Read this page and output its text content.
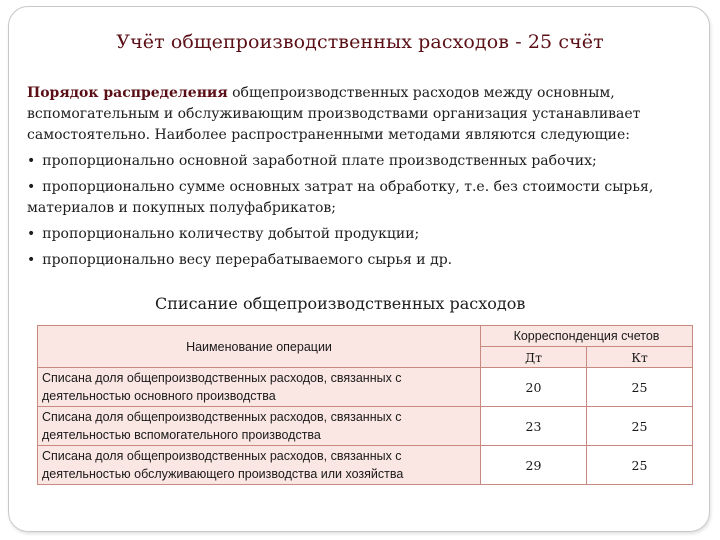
Учёт общепроизводственных расходов - 25 счёт

Порядок распределения общепроизводственных расходов между основным, вспомогательным и обслуживающим производствами организация устанавливает самостоятельно. Наиболее распространенными методами являются следующие:

• пропорционально основной заработной плате производственных рабочих;

• пропорционально сумме основных затрат на обработку, т.е. без стоимости сырья, материалов и покупных полуфабрикатов;

• пропорционально количеству добытой продукции;

• пропорционально весу перерабатываемого сырья и др.

Списание общепроизводственных расходов
Наименование операции	Корреспонденция счетов	
	Дт	Кт
Списана доля общепроизводственных расходов, связанных с деятельностью основного производства	20	25
Списана доля общепроизводственных расходов, связанных с деятельностью вспомогательного производства	23	25
Списана доля общепроизводственных расходов, связанных с деятельностью обслуживающего производства или хозяйства	29	25
